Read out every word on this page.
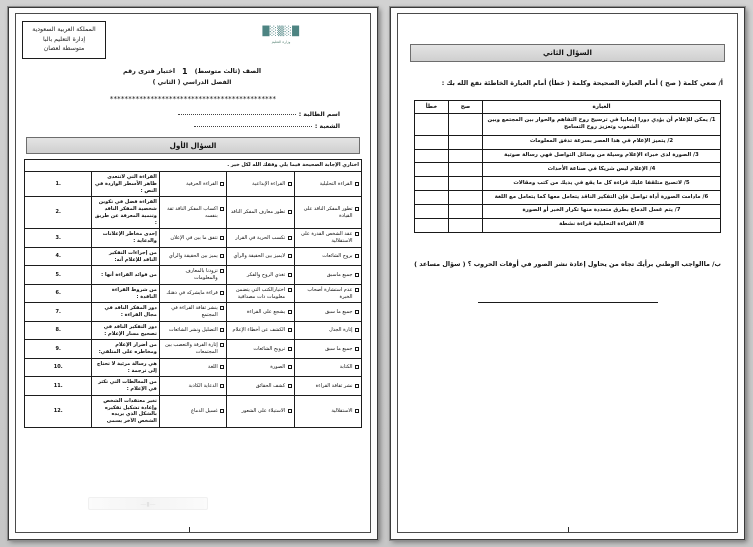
المملكة العربية السعودية
إدارة التعليم بالبا
متوسطة لعصان
█░▒░█
وزارة التعليم
الصف (ثالث متوسط)
1
اختبار فترى رقم
الفصل الدراسي ( الثاني )
*********************************************
اسم الطالبة :
الشعبة :
السؤال الأول
اختاري الإجابة الصحيحة فيما يلي وفقك الله لكل خير .				

القراءة التحليلية	القراءة الإبداعية	القراءة الحرفية	القراءة التي لاتتعدى ظاهر الأسطر الواردة في النص :	1.

تطور المفكر الناقد على القيادة	تطور معارف المفكر الناقد	اكساب المفكر الناقد ثقة بنفسه	القراءة فضل في تكوين شخصية المفكر الناقد وتنمية المعرفة عن طريق :	2.

عقد الشخص القدرة على الاستقلالية	تكسب الحرية في القرار	تتفق ما بين في الإعلان	إحدى مخاطر الإعلانات والدعاية :	3.

بروج الشائعات	لايميز بين الحقيقة والرأي	يميز بين الحقيقة والرأي	من إجراءات التفكير الناقد للإعلام أنه:	4.

جميع ماسبق	تغذي الروح والفكر	تزودنا بالمعارف والمعلومات	من فوائد القراءة أنها :	5.

عدم استشارة أصحاب الخبرة	اختيارالكتب التي يتضمن معلومات ذات مصداقية	قراءة مايشركه في ذهنك	من شروط القراءة الناقدة :	6.

جميع ما سبق	يشجع على القراءة	ينشر ثقافة القراءة في المجتمع	دور المفكر الناقد في مجال القراءة :	7.

إثارة الجدل	الكشف عن أخطاء الإعلام	التضليل ونشر الشائعات	دور التفكير الناقد في تصحيح مسار الإعلام :	8.

جميع ما سبق	ترويج الشائعات	إثارة الفرقة والتعصب بين المجتمعات	من أضرار الإعلام ومخاطره على المتلقي:	9.

الكتابة	الصورة	اللغة	هي رسالة مرئية لا تحتاج إلى ترجمة :	10.

نشر ثقافة القراءة	كشف الحقائق	الدعاية الكاذبة	من المغالطات التي تكثر في الإعلام :	11.

الاستقلالية	الاستيلاء على الشعور	غسيل الدماغ	تغير معتقدات الشخص وإعادة تشكيل تفكيره بالشكل الذي يريده الشخص الآخر يسمى	12.
—▮—
السؤال الثاني
أ/ ضعي كلمة ( صح ) أمام العبارة الصحيحة وكلمة ( خطأ) أمام العبارة الخاطئة نفع الله بك :
العبارة	صح	خطأ
1/ يمكن للإعلام أن يؤدي دورا إيجابيا في ترسيخ روح التفاهم والحوار بين المجتمع وبين الشعوب وتعزيز روح التسامح		
2/ يتميز الإعلام في هذا العصر بسرعة تدفق المعلومات		
3/ الصورة لدى خبراء الإعلام وسيلة من وسائل التواصل فهي رسالة صوتية		
4/ الإعلام ليس شريكا في صناعة الأحداث		
5/ لاتصبح متلقفا عليك قراءة كل ما يقع في يديك من كتب ومقالات		
6/ مادامت الصورة أداة تواصل فإن التفكير الناقد يتعامل معها كما يتعامل مع اللغة		
7/ يتم غسل الدماغ بطرق متعددة منها تكرار الخبر أو الصورة		
8/ القراءة التحليلية قراءة نشطة		
ب/ ماالواجب الوطني برأيك تجاه من يحاول إعادة نشر الصور في أوقات الحروب ؟ ( سؤال مساعد )
